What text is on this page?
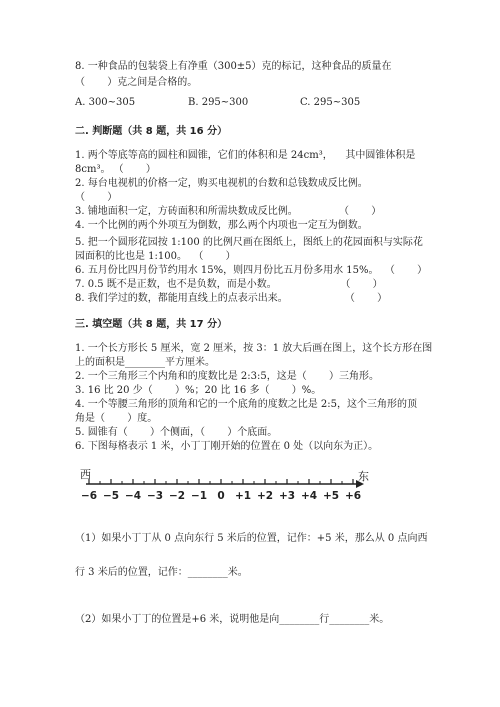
8. 一种食品的包装袋上有净重（300±5）克的标记，这种食品的质量在
（       ）克之间是合格的。
A. 300~305	B. 295~300	C. 295~305
二. 判断题（共 8 题，共 16 分）
1. 两个等底等高的圆柱和圆锥，它们的体积和是 24cm³，    其中圆锥体积是
8cm³。 （       ）
2. 每台电视机的价格一定，购买电视机的台数和总钱数成反比例。
（       ）
3. 铺地面积一定，方砖面积和所需块数成反比例。             （       ）
4. 一个比例的两个外项互为倒数，那么两个内项也一定互为倒数。
5. 把一个圆形花园按 1:100 的比例尺画在图纸上，图纸上的花园面积与实际花
园面积的比也是 1:100。  （       ）
6. 五月份比四月份节约用水 15%，则四月份比五月份多用水 15%。  （       ）
7. 0.5 既不是正数，也不是负数，而是小数。                    （       ）
8. 我们学过的数，都能用直线上的点表示出来。                  （       ）
三. 填空题（共 8 题，共 17 分）
1. 一个长方形长 5 厘米，宽 2 厘米，按 3：1 放大后画在图上，这个长方形在图
上的面积是________平方厘米。
2. 一个三角形三个内角和的度数比是 2:3:5，这是（       ）三角形。
3. 16 比 20 少（       ）%；20 比 16 多（       ）%。
4. 一个等腰三角形的顶角和它的一个底角的度数之比是 2:5，这个三角形的顶
角是（       ）度。
5. 圆锥有（       ）个侧面，（       ）个底面。
6. 下图每格表示 1 米，小丁丁刚开始的位置在 0 处（以向东为正）。
西	东
−6 −5 −4 −3 −2 −1 0 +1 +2 +3 +4 +5 +6
（1）如果小丁丁从 0 点向东行 5 米后的位置，记作：+5 米，那么从 0 点向西
行 3 米后的位置，记作：________米。
（2）如果小丁丁的位置是+6 米，说明他是向________行________米。
